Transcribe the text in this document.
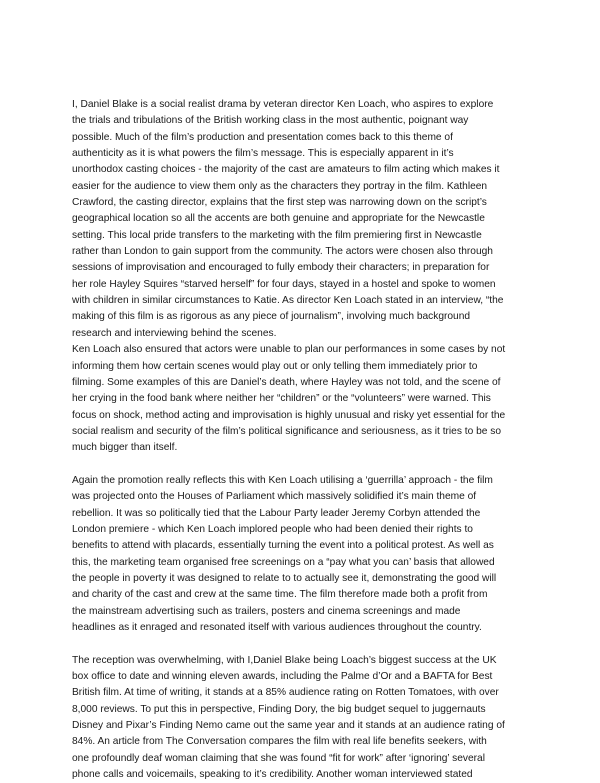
I, Daniel Blake is a social realist drama by veteran director Ken Loach, who aspires to explore
the trials and tribulations of the British working class in the most authentic, poignant way
possible. Much of the film’s production and presentation comes back to this theme of
authenticity as it is what powers the film’s message. This is especially apparent in it’s
unorthodox casting choices - the majority of the cast are amateurs to film acting which makes it
easier for the audience to view them only as the characters they portray in the film. Kathleen
Crawford, the casting director, explains that the first step was narrowing down on the script’s
geographical location so all the accents are both genuine and appropriate for the Newcastle
setting. This local pride transfers to the marketing with the film premiering first in Newcastle
rather than London to gain support from the community. The actors were chosen also through
sessions of improvisation and encouraged to fully embody their characters; in preparation for
her role Hayley Squires “starved herself” for four days, stayed in a hostel and spoke to women
with children in similar circumstances to Katie. As director Ken Loach stated in an interview, “the
making of this film is as rigorous as any piece of journalism”, involving much background
research and interviewing behind the scenes.
Ken Loach also ensured that actors were unable to plan our performances in some cases by not
informing them how certain scenes would play out or only telling them immediately prior to
filming. Some examples of this are Daniel’s death, where Hayley was not told, and the scene of
her crying in the food bank where neither her “children” or the “volunteers” were warned. This
focus on shock, method acting and improvisation is highly unusual and risky yet essential for the
social realism and security of the film’s political significance and seriousness, as it tries to be so
much bigger than itself.
Again the promotion really reflects this with Ken Loach utilising a ‘guerrilla’ approach - the film
was projected onto the Houses of Parliament which massively solidified it’s main theme of
rebellion. It was so politically tied that the Labour Party leader Jeremy Corbyn attended the
London premiere - which Ken Loach implored people who had been denied their rights to
benefits to attend with placards, essentially turning the event into a political protest. As well as
this, the marketing team organised free screenings on a “pay what you can’ basis that allowed
the people in poverty it was designed to relate to to actually see it, demonstrating the good will
and charity of the cast and crew at the same time. The film therefore made both a profit from
the mainstream advertising such as trailers, posters and cinema screenings and made
headlines as it enraged and resonated itself with various audiences throughout the country.
The reception was overwhelming, with I,Daniel Blake being Loach’s biggest success at the UK
box office to date and winning eleven awards, including the Palme d’Or and a BAFTA for Best
British film. At time of writing, it stands at a 85% audience rating on Rotten Tomatoes, with over
8,000 reviews. To put this in perspective, Finding Dory, the big budget sequel to juggernauts
Disney and Pixar’s Finding Nemo came out the same year and it stands at an audience rating of
84%. An article from The Conversation compares the film with real life benefits seekers, with
one profoundly deaf woman claiming that she was found “fit for work” after ‘ignoring’ several
phone calls and voicemails, speaking to it’s credibility. Another woman interviewed stated
